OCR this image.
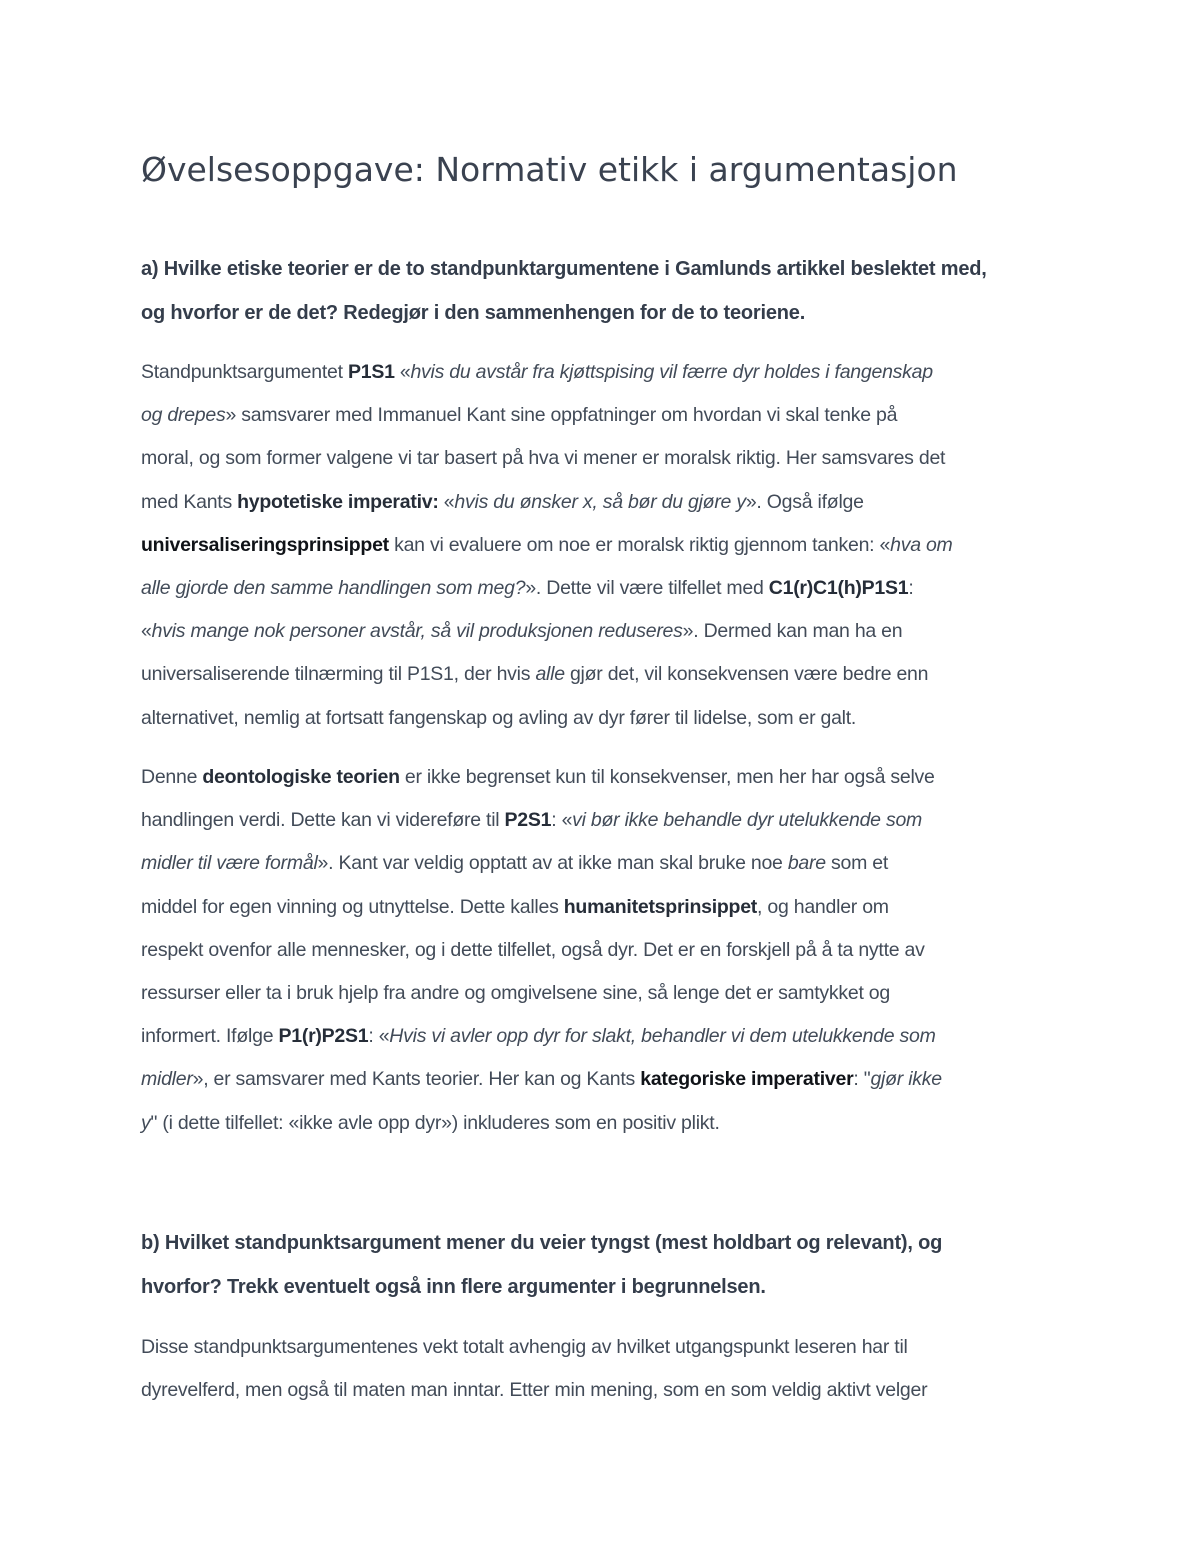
Øvelsesoppgave: Normativ etikk i argumentasjon
a) Hvilke etiske teorier er de to standpunktargumentene i Gamlunds artikkel beslektet med,
og hvorfor er de det? Redegjør i den sammenhengen for de to teoriene.

Standpunktsargumentet P1S1 «hvis du avstår fra kjøttspising vil færre dyr holdes i fangenskap
og drepes» samsvarer med Immanuel Kant sine oppfatninger om hvordan vi skal tenke på
moral, og som former valgene vi tar basert på hva vi mener er moralsk riktig. Her samsvares det
med Kants hypotetiske imperativ: «hvis du ønsker x, så bør du gjøre y». Også ifølge
universaliseringsprinsippet kan vi evaluere om noe er moralsk riktig gjennom tanken: «hva om
alle gjorde den samme handlingen som meg?». Dette vil være tilfellet med C1(r)C1(h)P1S1:
«hvis mange nok personer avstår, så vil produksjonen reduseres». Dermed kan man ha en
universaliserende tilnærming til P1S1, der hvis alle gjør det, vil konsekvensen være bedre enn
alternativet, nemlig at fortsatt fangenskap og avling av dyr fører til lidelse, som er galt.

Denne deontologiske teorien er ikke begrenset kun til konsekvenser, men her har også selve
handlingen verdi. Dette kan vi videreføre til P2S1: «vi bør ikke behandle dyr utelukkende som
midler til være formål». Kant var veldig opptatt av at ikke man skal bruke noe bare som et
middel for egen vinning og utnyttelse. Dette kalles humanitetsprinsippet, og handler om
respekt ovenfor alle mennesker, og i dette tilfellet, også dyr. Det er en forskjell på å ta nytte av
ressurser eller ta i bruk hjelp fra andre og omgivelsene sine, så lenge det er samtykket og
informert. Ifølge P1(r)P2S1: «Hvis vi avler opp dyr for slakt, behandler vi dem utelukkende som
midler», er samsvarer med Kants teorier. Her kan og Kants kategoriske imperativer: "gjør ikke
y" (i dette tilfellet: «ikke avle opp dyr») inkluderes som en positiv plikt.

b) Hvilket standpunktsargument mener du veier tyngst (mest holdbart og relevant), og
hvorfor? Trekk eventuelt også inn flere argumenter i begrunnelsen.

Disse standpunktsargumentenes vekt totalt avhengig av hvilket utgangspunkt leseren har til
dyrevelferd, men også til maten man inntar. Etter min mening, som en som veldig aktivt velger
